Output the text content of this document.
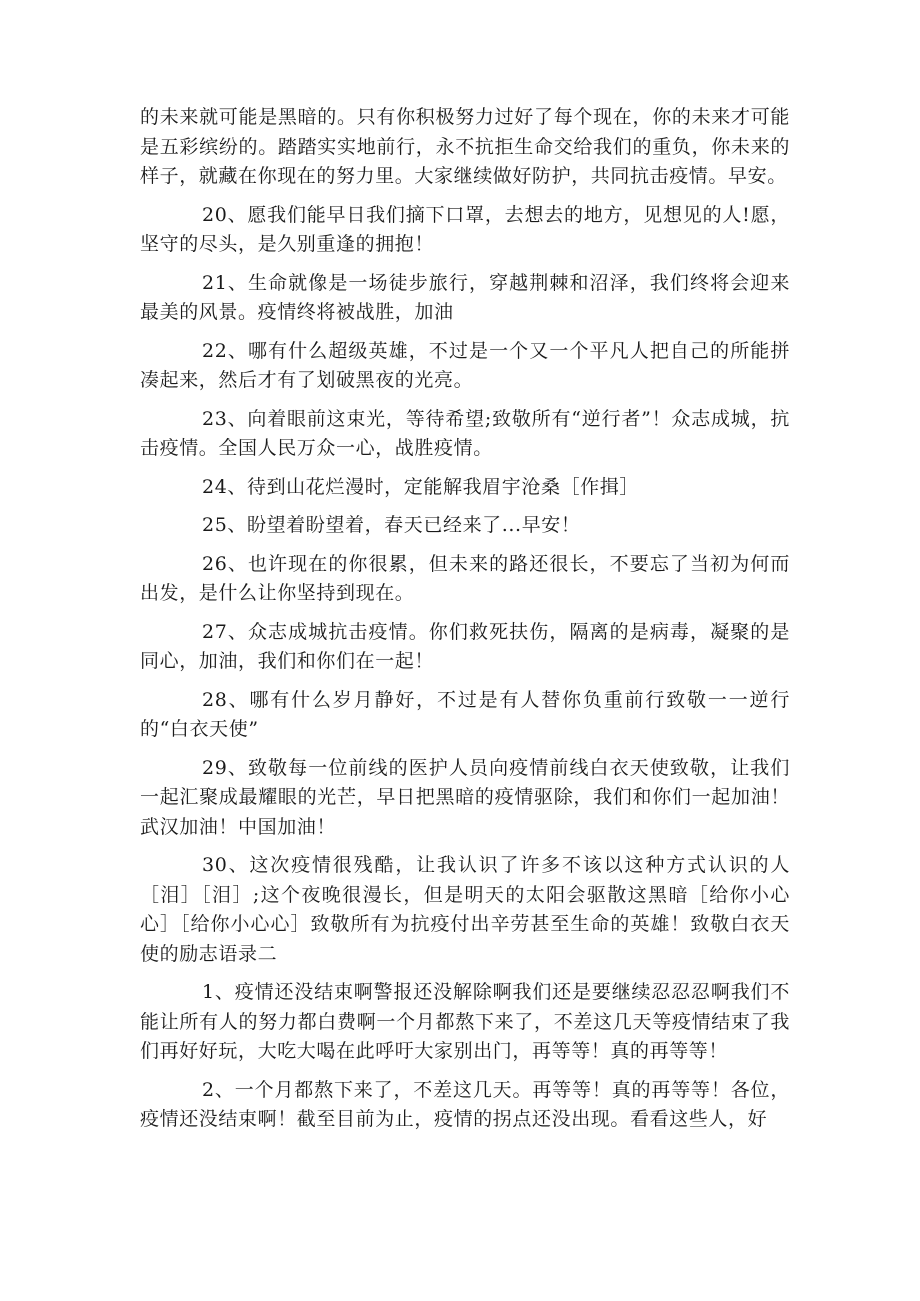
的未来就可能是黑暗的。只有你积极努力过好了每个现在，你的未来才可能是五彩缤纷的。踏踏实实地前行，永不抗拒生命交给我们的重负，你未来的样子，就藏在你现在的努力里。大家继续做好防护，共同抗击疫情。早安。

20、愿我们能早日我们摘下口罩，去想去的地方，见想见的人!愿，坚守的尽头，是久别重逢的拥抱！

21、生命就像是一场徒步旅行，穿越荆棘和沼泽，我们终将会迎来最美的风景。疫情终将被战胜，加油

22、哪有什么超级英雄，不过是一个又一个平凡人把自己的所能拼凑起来，然后才有了划破黑夜的光亮。

23、向着眼前这束光，等待希望;致敬所有“逆行者”！众志成城，抗击疫情。全国人民万众一心，战胜疫情。

24、待到山花烂漫时，定能解我眉宇沧桑［作揖］

25、盼望着盼望着，春天已经来了...早安！

26、也许现在的你很累，但未来的路还很长，不要忘了当初为何而出发，是什么让你坚持到现在。

27、众志成城抗击疫情。你们救死扶伤，隔离的是病毒，凝聚的是同心，加油，我们和你们在一起！

28、哪有什么岁月静好，不过是有人替你负重前行致敬一一逆行的“白衣天使”

29、致敬每一位前线的医护人员向疫情前线白衣天使致敬，让我们一起汇聚成最耀眼的光芒，早日把黑暗的疫情驱除，我们和你们一起加油！武汉加油！中国加油！

30、这次疫情很残酷，让我认识了许多不该以这种方式认识的人［泪］［泪］;这个夜晚很漫长，但是明天的太阳会驱散这黑暗［给你小心心］［给你小心心］致敬所有为抗疫付出辛劳甚至生命的英雄！致敬白衣天使的励志语录二

1、疫情还没结束啊警报还没解除啊我们还是要继续忍忍忍啊我们不能让所有人的努力都白费啊一个月都熬下来了，不差这几天等疫情结束了我们再好好玩，大吃大喝在此呼吁大家别出门，再等等！真的再等等！

2、一个月都熬下来了，不差这几天。再等等！真的再等等！各位，疫情还没结束啊！截至目前为止，疫情的拐点还没出现。看看这些人，好
